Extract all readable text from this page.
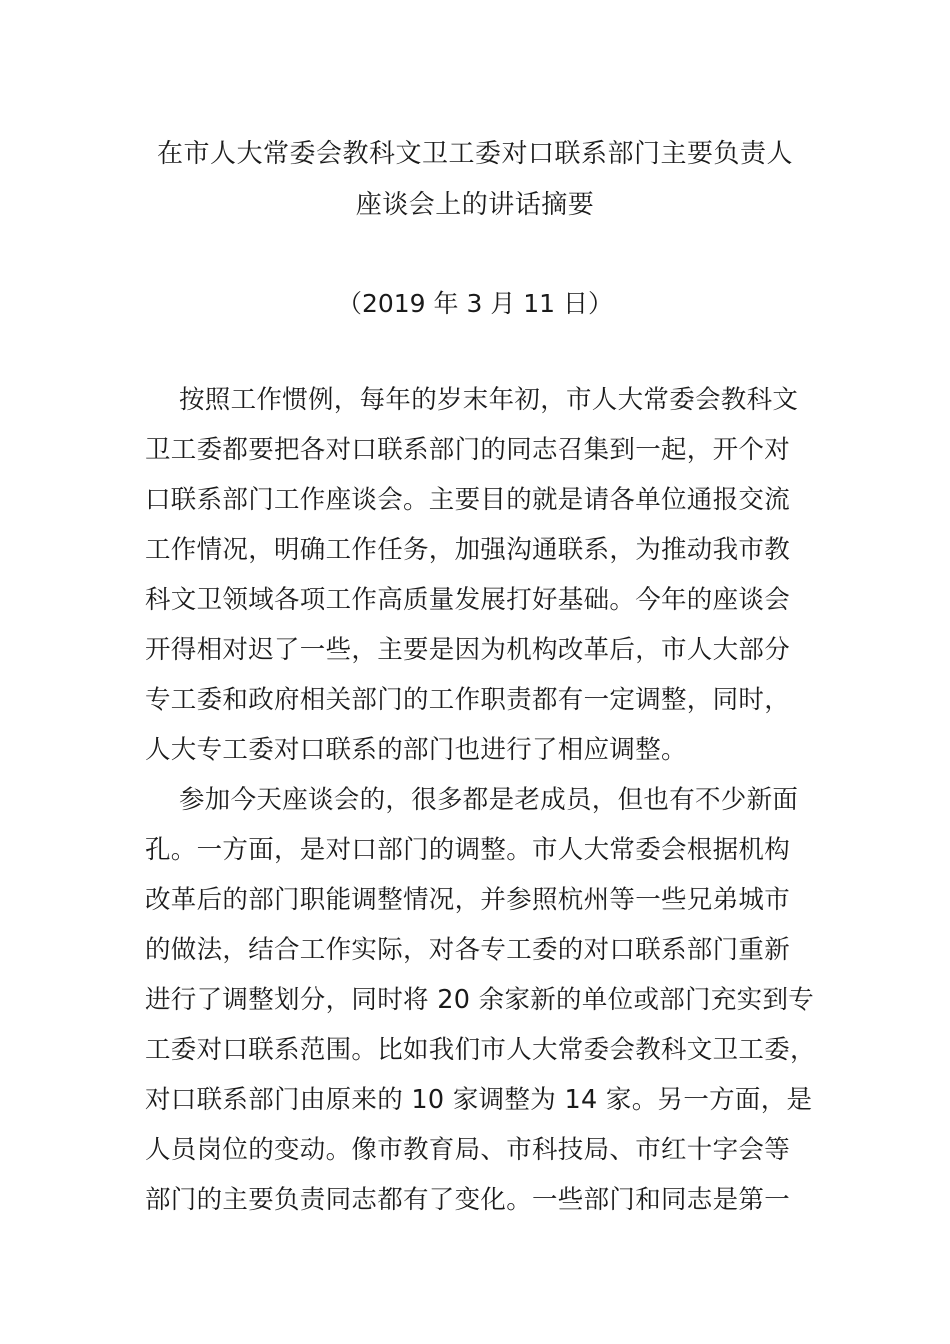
在市人大常委会教科文卫工委对口联系部门主要负责人
座谈会上的讲话摘要
（2019 年 3 月 11 日）
按照工作惯例，每年的岁末年初，市人大常委会教科文
卫工委都要把各对口联系部门的同志召集到一起，开个对
口联系部门工作座谈会。主要目的就是请各单位通报交流
工作情况，明确工作任务，加强沟通联系，为推动我市教
科文卫领域各项工作高质量发展打好基础。今年的座谈会
开得相对迟了一些，主要是因为机构改革后，市人大部分
专工委和政府相关部门的工作职责都有一定调整，同时，
人大专工委对口联系的部门也进行了相应调整。
参加今天座谈会的，很多都是老成员，但也有不少新面
孔。一方面，是对口部门的调整。市人大常委会根据机构
改革后的部门职能调整情况，并参照杭州等一些兄弟城市
的做法，结合工作实际，对各专工委的对口联系部门重新
进行了调整划分，同时将 20 余家新的单位或部门充实到专
工委对口联系范围。比如我们市人大常委会教科文卫工委，
对口联系部门由原来的 10 家调整为 14 家。另一方面，是
人员岗位的变动。像市教育局、市科技局、市红十字会等
部门的主要负责同志都有了变化。一些部门和同志是第一
